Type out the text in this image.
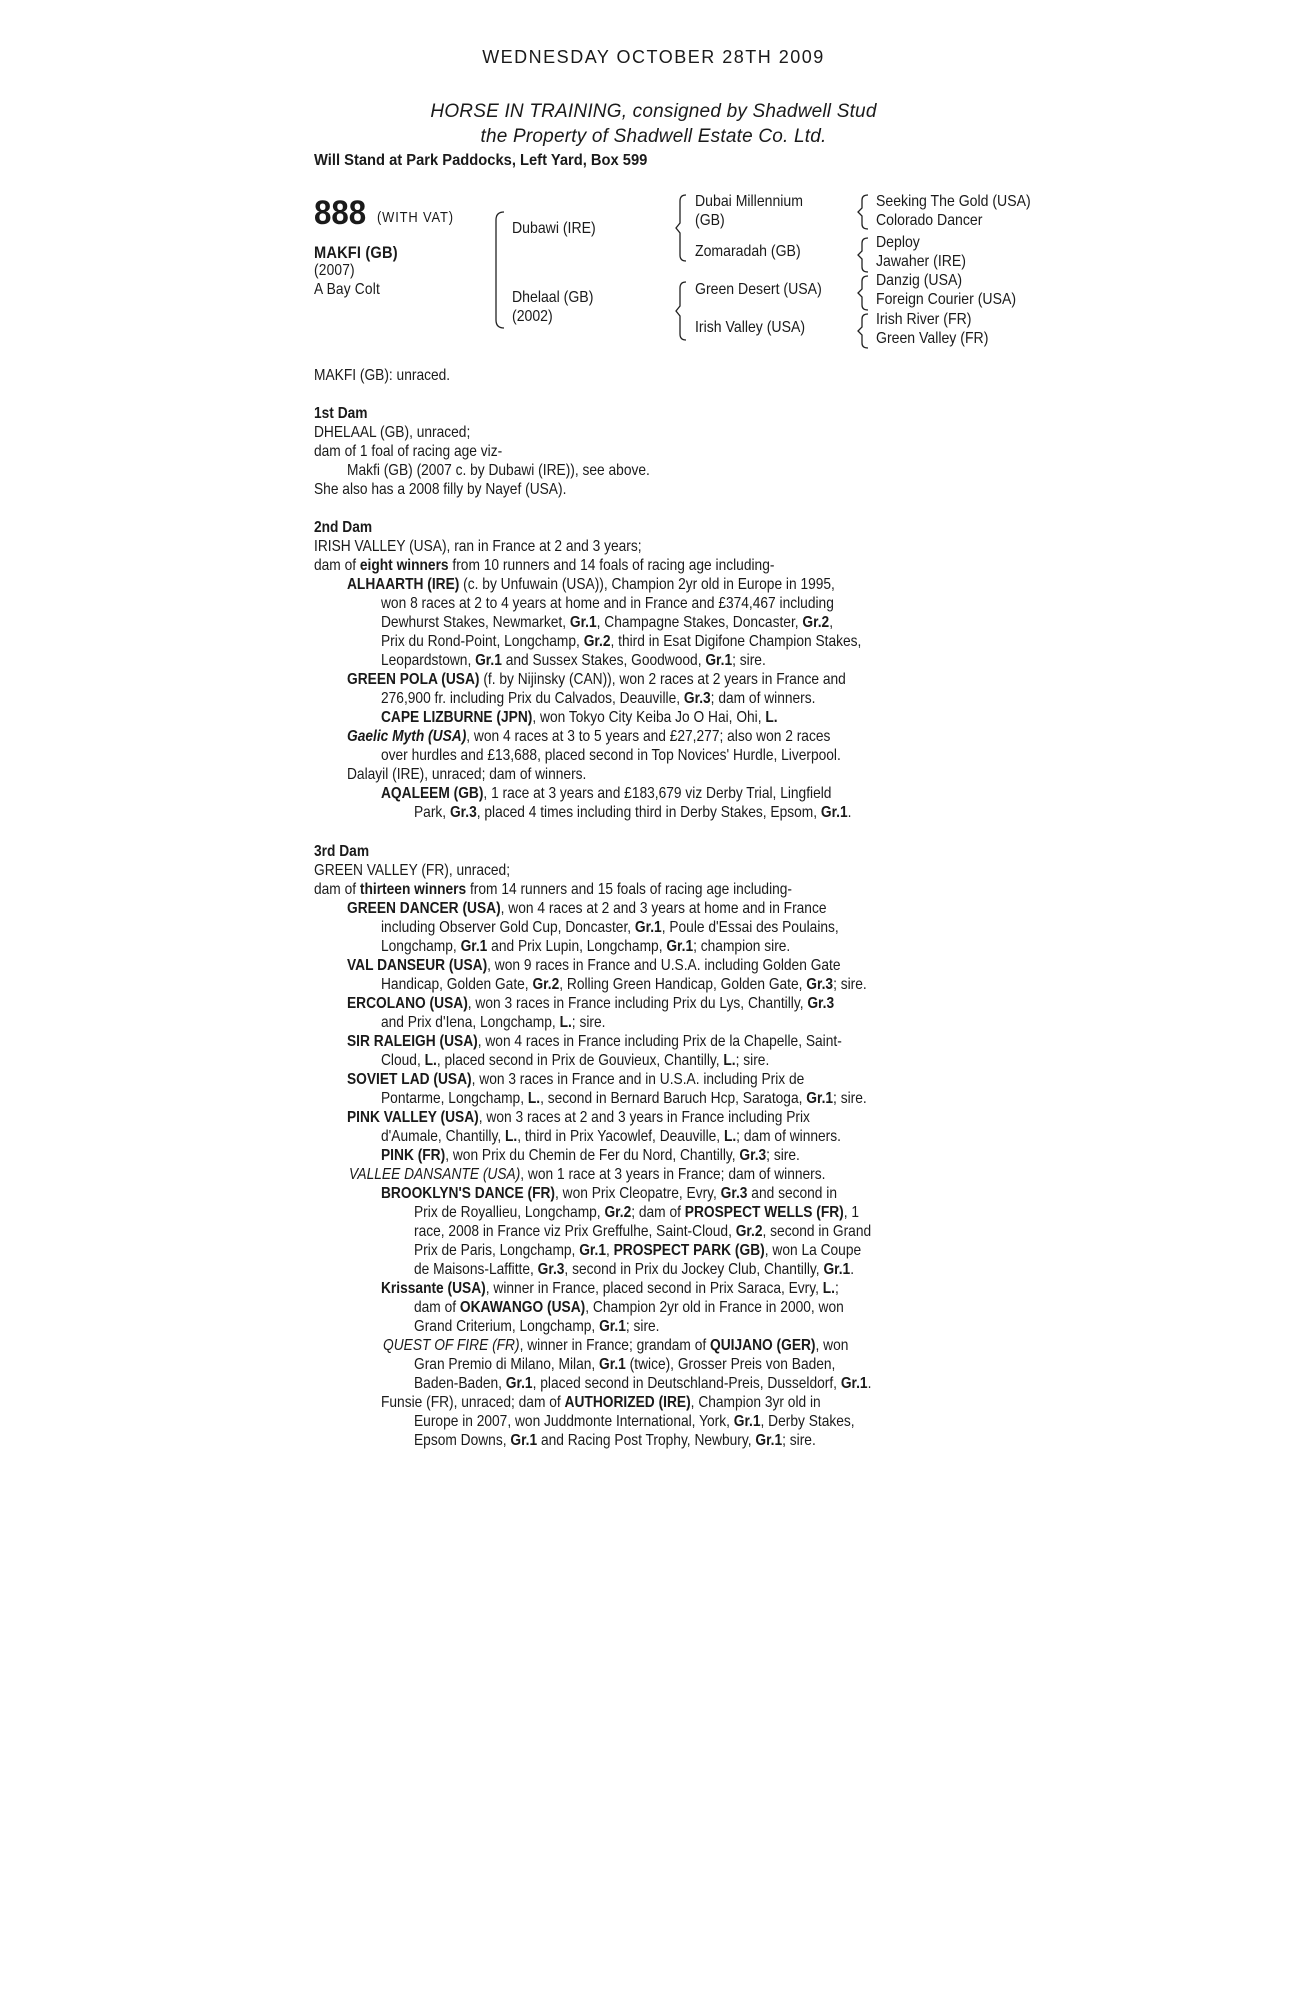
WEDNESDAY OCTOBER 28TH 2009
HORSE IN TRAINING, consigned by Shadwell Stud
the Property of Shadwell Estate Co. Ltd.
Will Stand at Park Paddocks, Left Yard, Box 599
888 (WITH VAT)
MAKFI (GB)
(2007)
A Bay Colt
Dubawi (IRE)
Dhelaal (GB)
(2002)
Dubai Millennium
(GB)
Zomaradah (GB)
Green Desert (USA)
Irish Valley (USA)
Seeking The Gold (USA)
Colorado Dancer
Deploy
Jawaher (IRE)
Danzig (USA)
Foreign Courier (USA)
Irish River (FR)
Green Valley (FR)
MAKFI (GB): unraced.
1st Dam
DHELAAL (GB), unraced;
dam of 1 foal of racing age viz-
Makfi (GB) (2007 c. by Dubawi (IRE)), see above.
She also has a 2008 filly by Nayef (USA).
2nd Dam
IRISH VALLEY (USA), ran in France at 2 and 3 years;
dam of eight winners from 10 runners and 14 foals of racing age including-
ALHAARTH (IRE) (c. by Unfuwain (USA)), Champion 2yr old in Europe in 1995,
won 8 races at 2 to 4 years at home and in France and £374,467 including
Dewhurst Stakes, Newmarket, Gr.1, Champagne Stakes, Doncaster, Gr.2,
Prix du Rond-Point, Longchamp, Gr.2, third in Esat Digifone Champion Stakes,
Leopardstown, Gr.1 and Sussex Stakes, Goodwood, Gr.1; sire.
GREEN POLA (USA) (f. by Nijinsky (CAN)), won 2 races at 2 years in France and
276,900 fr. including Prix du Calvados, Deauville, Gr.3; dam of winners.
CAPE LIZBURNE (JPN), won Tokyo City Keiba Jo O Hai, Ohi, L.
Gaelic Myth (USA), won 4 races at 3 to 5 years and £27,277; also won 2 races
over hurdles and £13,688, placed second in Top Novices' Hurdle, Liverpool.
Dalayil (IRE), unraced; dam of winners.
AQALEEM (GB), 1 race at 3 years and £183,679 viz Derby Trial, Lingfield
Park, Gr.3, placed 4 times including third in Derby Stakes, Epsom, Gr.1.
3rd Dam
GREEN VALLEY (FR), unraced;
dam of thirteen winners from 14 runners and 15 foals of racing age including-
GREEN DANCER (USA), won 4 races at 2 and 3 years at home and in France
including Observer Gold Cup, Doncaster, Gr.1, Poule d'Essai des Poulains,
Longchamp, Gr.1 and Prix Lupin, Longchamp, Gr.1; champion sire.
VAL DANSEUR (USA), won 9 races in France and U.S.A. including Golden Gate
Handicap, Golden Gate, Gr.2, Rolling Green Handicap, Golden Gate, Gr.3; sire.
ERCOLANO (USA), won 3 races in France including Prix du Lys, Chantilly, Gr.3
and Prix d'Iena, Longchamp, L.; sire.
SIR RALEIGH (USA), won 4 races in France including Prix de la Chapelle, Saint-
Cloud, L., placed second in Prix de Gouvieux, Chantilly, L.; sire.
SOVIET LAD (USA), won 3 races in France and in U.S.A. including Prix de
Pontarme, Longchamp, L., second in Bernard Baruch Hcp, Saratoga, Gr.1; sire.
PINK VALLEY (USA), won 3 races at 2 and 3 years in France including Prix
d'Aumale, Chantilly, L., third in Prix Yacowlef, Deauville, L.; dam of winners.
PINK (FR), won Prix du Chemin de Fer du Nord, Chantilly, Gr.3; sire.
VALLEE DANSANTE (USA), won 1 race at 3 years in France; dam of winners.
BROOKLYN'S DANCE (FR), won Prix Cleopatre, Evry, Gr.3 and second in
Prix de Royallieu, Longchamp, Gr.2; dam of PROSPECT WELLS (FR), 1
race, 2008 in France viz Prix Greffulhe, Saint-Cloud, Gr.2, second in Grand
Prix de Paris, Longchamp, Gr.1, PROSPECT PARK (GB), won La Coupe
de Maisons-Laffitte, Gr.3, second in Prix du Jockey Club, Chantilly, Gr.1.
Krissante (USA), winner in France, placed second in Prix Saraca, Evry, L.;
dam of OKAWANGO (USA), Champion 2yr old in France in 2000, won
Grand Criterium, Longchamp, Gr.1; sire.
QUEST OF FIRE (FR), winner in France; grandam of QUIJANO (GER), won
Gran Premio di Milano, Milan, Gr.1 (twice), Grosser Preis von Baden,
Baden-Baden, Gr.1, placed second in Deutschland-Preis, Dusseldorf, Gr.1.
Funsie (FR), unraced; dam of AUTHORIZED (IRE), Champion 3yr old in
Europe in 2007, won Juddmonte International, York, Gr.1, Derby Stakes,
Epsom Downs, Gr.1 and Racing Post Trophy, Newbury, Gr.1; sire.
